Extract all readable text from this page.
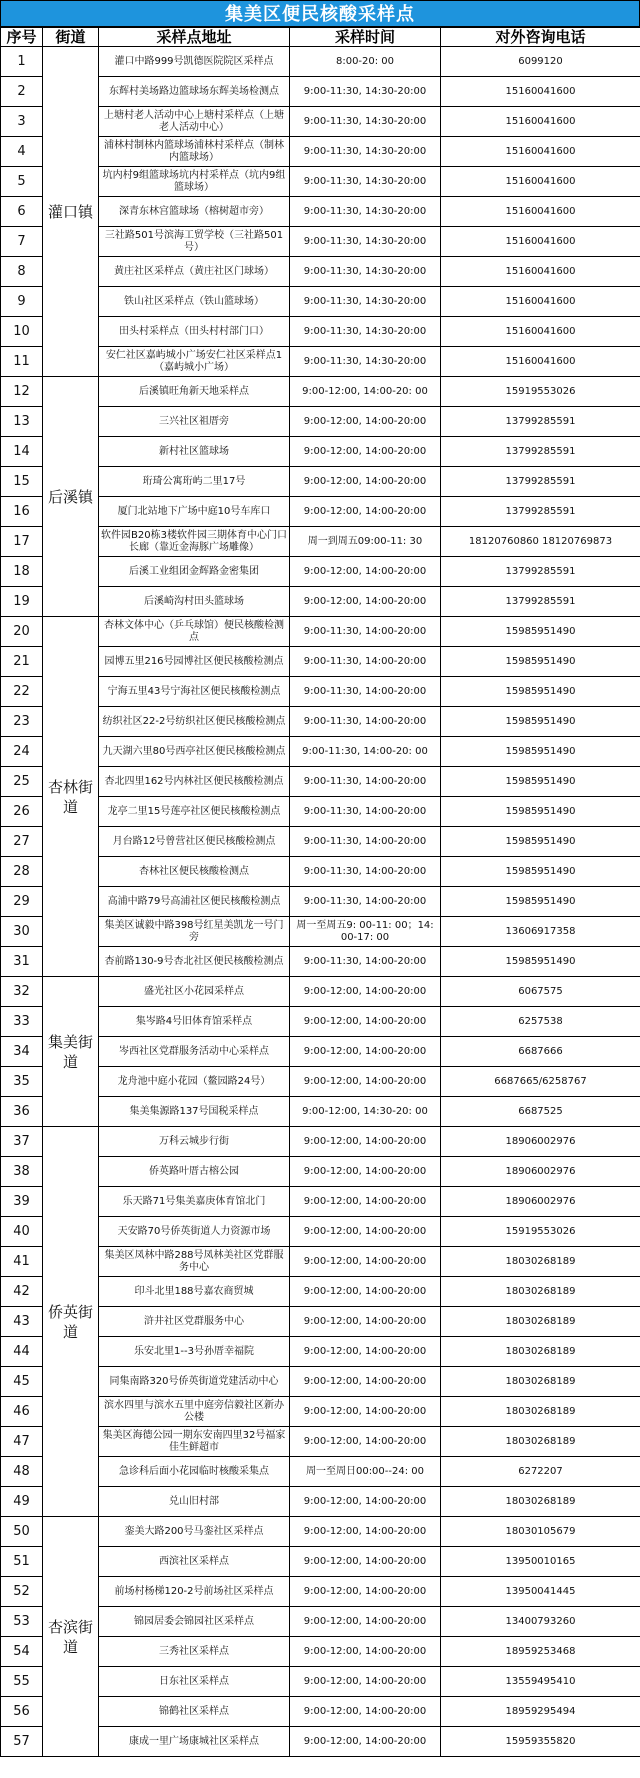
集美区便民核酸采样点
序号	街道	采样点地址	采样时间	对外咨询电话
1	灌口镇	灌口中路999号凯德医院院区采样点	8:00-20: 00	6099120
2		东辉村美场路边篮球场东辉美场检测点	9:00-11:30, 14:30-20:00	15160041600
3		上塘村老人活动中心上塘村采样点（上塘老人活动中心）	9:00-11:30, 14:30-20:00	15160041600
4		浦林村制林内篮球场浦林村采样点（制林内篮球场）	9:00-11:30, 14:30-20:00	15160041600
5		坑内村9组篮球场坑内村采样点（坑内9组篮球场）	9:00-11:30, 14:30-20:00	15160041600
6		深青东林宫篮球场（榕树超市旁）	9:00-11:30, 14:30-20:00	15160041600
7		三社路501号滨海工贸学校（三社路501号）	9:00-11:30, 14:30-20:00	15160041600
8		黄庄社区采样点（黄庄社区门球场）	9:00-11:30, 14:30-20:00	15160041600
9		铁山社区采样点（铁山篮球场）	9:00-11:30, 14:30-20:00	15160041600
10		田头村采样点（田头村村部门口）	9:00-11:30, 14:30-20:00	15160041600
11		安仁社区嘉屿城小广场安仁社区采样点1（嘉屿城小广场）	9:00-11:30, 14:30-20:00	15160041600
12	后溪镇	后溪镇旺角新天地采样点	9:00-12:00, 14:00-20: 00	15919553026
13		三兴社区祖厝旁	9:00-12:00, 14:00-20:00	13799285591
14		新村社区篮球场	9:00-12:00, 14:00-20:00	13799285591
15		珩琦公寓珩屿二里17号	9:00-12:00, 14:00-20:00	13799285591
16		厦门北站地下广场中庭10号车库口	9:00-12:00, 14:00-20:00	13799285591
17		软件园B20栋3楼软件园三期体育中心门口长廊（靠近金海豚广场雕像）	周一到周五09:00-11: 30	18120760860 18120769873
18		后溪工业组团金辉路金密集团	9:00-12:00, 14:00-20:00	13799285591
19		后溪崎沟村田头篮球场	9:00-12:00, 14:00-20:00	13799285591
20	杏林街道	杏林文体中心（乒乓球馆）便民核酸检测点	9:00-11:30, 14:00-20:00	15985951490
21		园博五里216号园博社区便民核酸检测点	9:00-11:30, 14:00-20:00	15985951490
22		宁海五里43号宁海社区便民核酸检测点	9:00-11:30, 14:00-20:00	15985951490
23		纺织社区22-2号纺织社区便民核酸检测点	9:00-11:30, 14:00-20:00	15985951490
24		九天湖六里80号西亭社区便民核酸检测点	9:00-11:30, 14:00-20: 00	15985951490
25		杏北四里162号内林社区便民核酸检测点	9:00-11:30, 14:00-20:00	15985951490
26		龙亭二里15号莲亭社区便民核酸检测点	9:00-11:30, 14:00-20:00	15985951490
27		月台路12号曾营社区便民核酸检测点	9:00-11:30, 14:00-20:00	15985951490
28		杏林社区便民核酸检测点	9:00-11:30, 14:00-20:00	15985951490
29		高浦中路79号高浦社区便民核酸检测点	9:00-11:30, 14:00-20:00	15985951490
30		集美区诚毅中路398号红星美凯龙一号门旁	周一至周五9: 00-11: 00；14: 00-17: 00	13606917358
31		杏前路130-9号杏北社区便民核酸检测点	9:00-11:30, 14:00-20:00	15985951490
32	集美街道	盛光社区小花园采样点	9:00-12:00, 14:00-20:00	6067575
33		集岑路4号旧体育馆采样点	9:00-12:00, 14:00-20:00	6257538
34		岑西社区党群服务活动中心采样点	9:00-12:00, 14:00-20:00	6687666
35		龙舟池中庭小花园（鳌园路24号）	9:00-12:00, 14:00-20:00	6687665/6258767
36		集美集源路137号国税采样点	9:00-12:00, 14:30-20: 00	6687525
37	侨英街道	万科云城步行街	9:00-12:00, 14:00-20:00	18906002976
38		侨英路叶厝古榕公园	9:00-12:00, 14:00-20:00	18906002976
39		乐天路71号集美嘉庚体育馆北门	9:00-12:00, 14:00-20:00	18906002976
40		天安路70号侨英街道人力资源市场	9:00-12:00, 14:00-20:00	15919553026
41		集美区凤林中路288号凤林美社区党群服务中心	9:00-12:00, 14:00-20:00	18030268189
42		印斗北里188号嘉农商贸城	9:00-12:00, 14:00-20:00	18030268189
43		浒井社区党群服务中心	9:00-12:00, 14:00-20:00	18030268189
44		乐安北里1--3号孙厝幸福院	9:00-12:00, 14:00-20:00	18030268189
45		同集南路320号侨英街道党建活动中心	9:00-12:00, 14:00-20:00	18030268189
46		滨水四里与滨水五里中庭旁信毅社区新办公楼	9:00-12:00, 14:00-20:00	18030268189
47		集美区海德公园一期东安南四里32号福家佳生鲜超市	9:00-12:00, 14:00-20:00	18030268189
48		急诊科后面小花园临时核酸采集点	周一至周日00:00--24: 00	6272207
49		兑山旧村部	9:00-12:00, 14:00-20:00	18030268189
50	杏滨街道	銮美大路200号马銮社区采样点	9:00-12:00, 14:00-20:00	18030105679
51		西滨社区采样点	9:00-12:00, 14:00-20:00	13950010165
52		前场村杨梯120-2号前场社区采样点	9:00-12:00, 14:00-20:00	13950041445
53		锦园居委会锦园社区采样点	9:00-12:00, 14:00-20:00	13400793260
54		三秀社区采样点	9:00-12:00, 14:00-20:00	18959253468
55		日东社区采样点	9:00-12:00, 14:00-20:00	13559495410
56		锦鹤社区采样点	9:00-12:00, 14:00-20:00	18959295494
57		康成一里广场康城社区采样点	9:00-12:00, 14:00-20:00	15959355820
